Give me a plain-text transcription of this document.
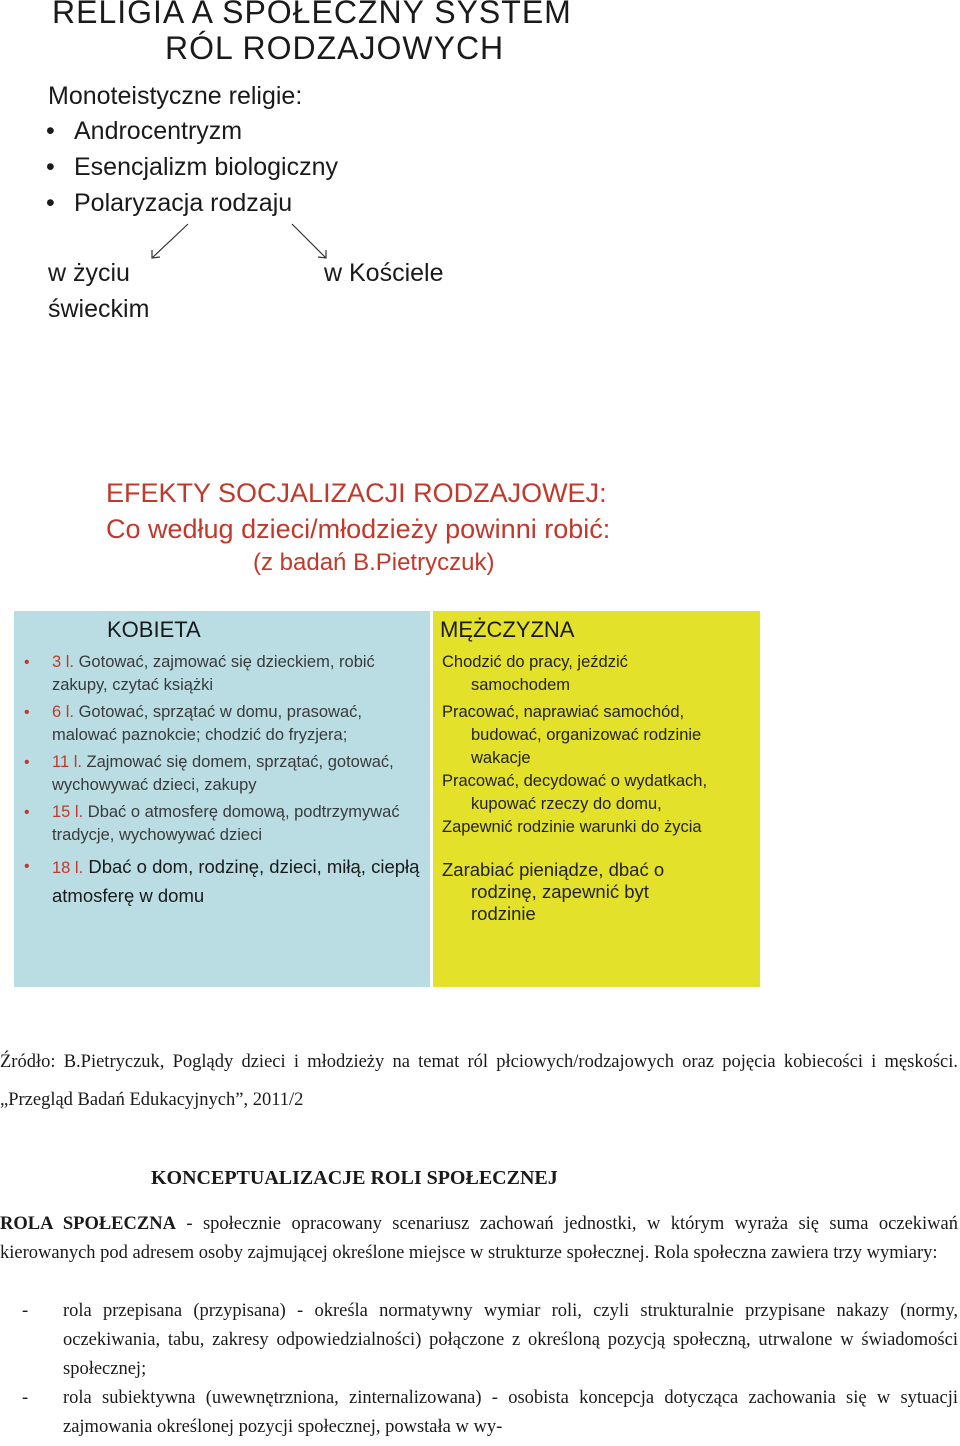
RELIGIA A SPOŁECZNY SYSTEM
RÓL RODZAJOWYCH
Monoteistyczne religie:
• Androcentryzm
• Esencjalizm biologiczny
• Polaryzacja rodzaju
w życiu
świeckim
w Kościele
EFEKTY SOCJALIZACJI RODZAJOWEJ:
Co według dzieci/młodzieży powinni robić:
(z badań B.Pietryczuk)
KOBIETA
• 3 l. Gotować, zajmować się dzieckiem, robić zakupy, czytać książki
• 6 l. Gotować, sprzątać w domu, prasować, malować paznokcie; chodzić do fryzjera;
• 11 l. Zajmować się domem, sprzątać, gotować, wychowywać dzieci, zakupy
• 15 l. Dbać o atmosferę domową, podtrzymywać tradycje, wychowywać dzieci
• 18 l. Dbać o dom, rodzinę, dzieci, miłą, ciepłą atmosferę w domu
MĘŻCZYZNA
Chodzić do pracy, jeździć
samochodem
Pracować, naprawiać samochód,
budować, organizować rodzinie wakacje
Pracować, decydować o wydatkach,
kupować rzeczy do domu,
Zapewnić rodzinie warunki do życia
Zarabiać pieniądze, dbać o
rodzinę, zapewnić byt rodzinie
Źródło: B.Pietryczuk, Poglądy dzieci i młodzieży na temat ról płciowych/rodzajowych oraz pojęcia kobiecości i męskości. „Przegląd Badań Edukacyjnych”, 2011/2
KONCEPTUALIZACJE ROLI SPOŁECZNEJ
ROLA SPOŁECZNA - społecznie opracowany scenariusz zachowań jednostki, w którym wyraża się suma oczekiwań kierowanych pod adresem osoby zajmującej określone miejsce w strukturze społecznej. Rola społeczna zawiera trzy wymiary:
- rola przepisana (przypisana) - określa normatywny wymiar roli, czyli strukturalnie przypisane nakazy (normy, oczekiwania, tabu, zakresy odpowiedzialności) połączone z określoną pozycją społeczną, utrwalone w świadomości społecznej;
- rola subiektywna (uwewnętrzniona, zinternalizowana) - osobista koncepcja dotycząca zachowania się w sytuacji zajmowania określonej pozycji społecznej, powstała w wy-
